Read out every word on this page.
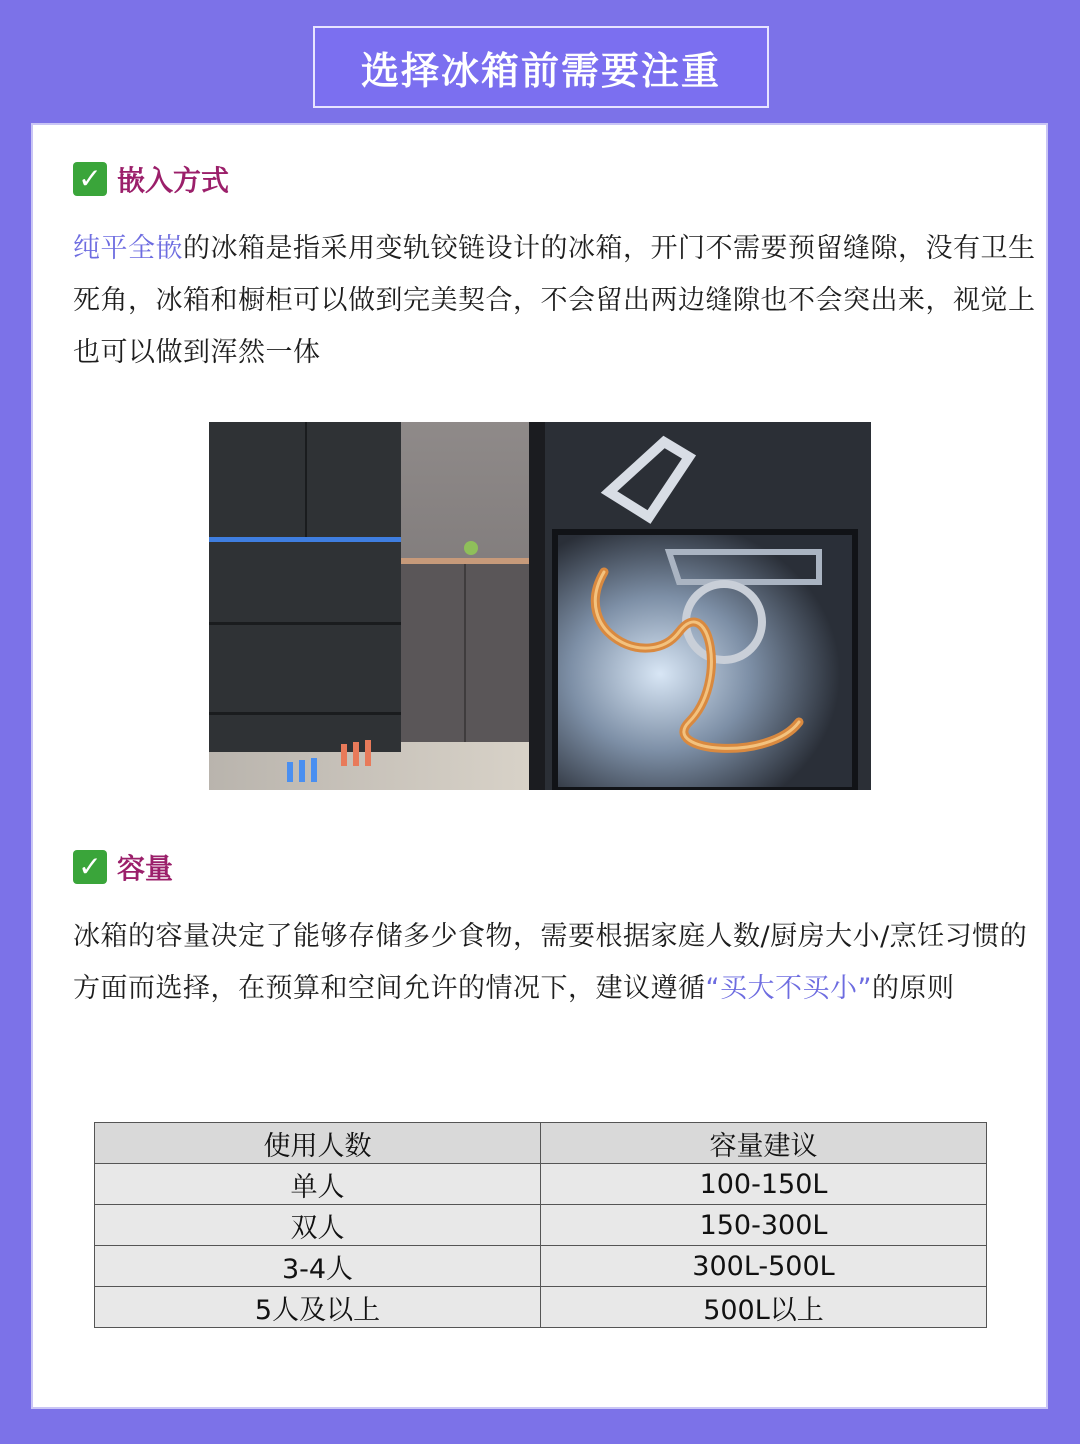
选择冰箱前需要注重
✓ 嵌入方式
纯平全嵌的冰箱是指采用变轨铰链设计的冰箱，开门不需要预留缝隙，没有卫生死角，冰箱和橱柜可以做到完美契合，不会留出两边缝隙也不会突出来，视觉上也可以做到浑然一体
✓ 容量
冰箱的容量决定了能够存储多少食物，需要根据家庭人数/厨房大小/烹饪习惯的方面而选择，在预算和空间允许的情况下，建议遵循“买大不买小”的原则
使用人数	容量建议
单人	100-150L
双人	150-300L
3-4人	300L-500L
5人及以上	500L以上
